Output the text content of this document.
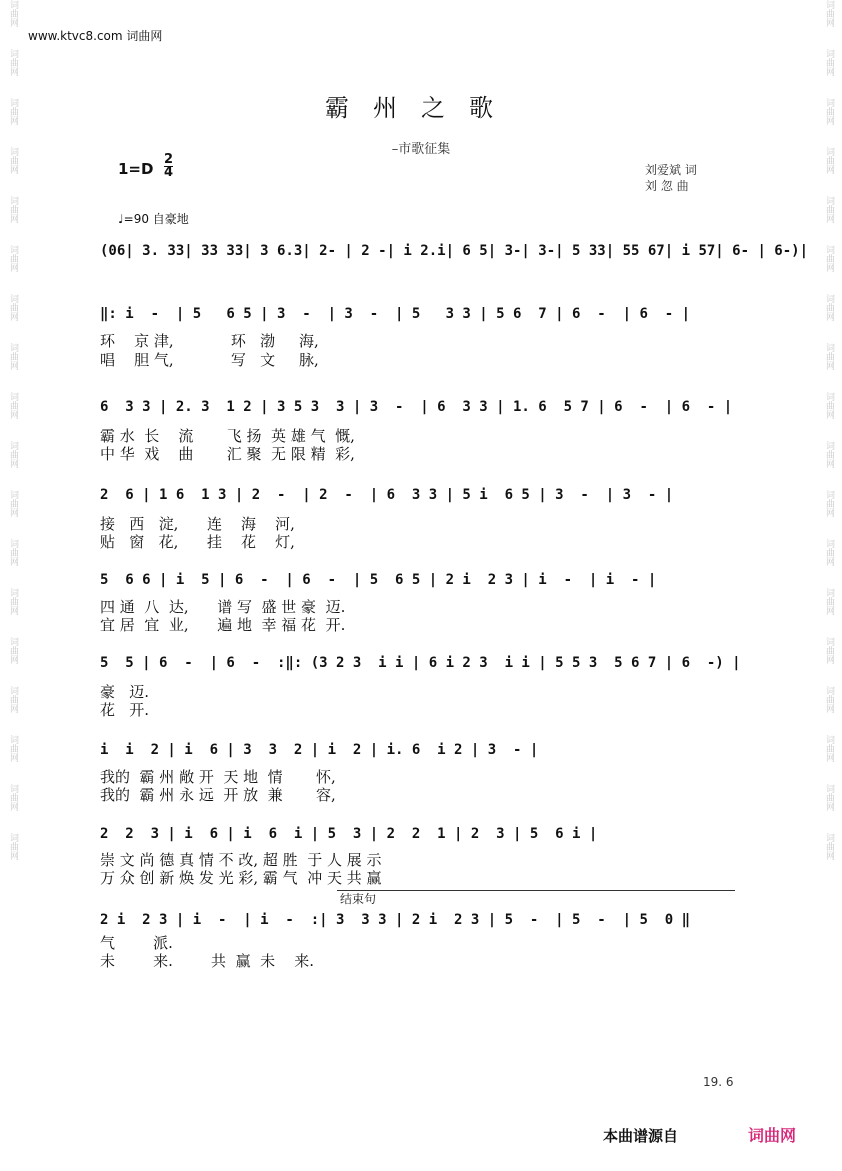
词曲网
词曲网
词曲网
词曲网
词曲网
词曲网
词曲网
词曲网
词曲网
词曲网
词曲网
词曲网
词曲网
词曲网
词曲网
词曲网
词曲网
词曲网
词曲网
词曲网
词曲网
词曲网
词曲网
词曲网
词曲网
词曲网
词曲网
词曲网
词曲网
词曲网
词曲网
词曲网
词曲网
词曲网
词曲网
词曲网
www.ktvc8.com 词曲网
霸州之歌
–市歌征集
1=D
2
4	刘爱斌 词
刘 忽 曲
♩=90 自豪地
(06| 3. 33| 33 33| 3 6.3| 2- | 2 -| i 2.i| 6 5| 3-| 3-| 5 33| 55 67| i 57| 6- | 6-)|
‖: i  -  | 5   6 5 | 3  -  | 3  -  | 5   3 3 | 5 6  7 | 6  -  | 6  - |
环    京 津,            环   渤     海,
唱    胆 气,            写   文     脉,
6  3 3 | 2. 3  1 2 | 3 5 3  3 | 3  -  | 6  3 3 | 1. 6  5 7 | 6  -  | 6  - |
霸 水  长    流       飞 扬  英 雄 气  慨,
中 华  戏    曲       汇 聚  无 限 精  彩,
2  6 | 1 6  1 3 | 2  -  | 2  -  | 6  3 3 | 5 i  6 5 | 3  -  | 3  - |
接   西   淀,      连    海    河,
贴   窗   花,      挂    花    灯,
5  6 6 | i  5 | 6  -  | 6  -  | 5  6 5 | 2 i  2 3 | i  -  | i  - |
四 通  八  达,      谱 写  盛 世 豪  迈.
宜 居  宜  业,      遍 地  幸 福 花  开.
5  5 | 6  -  | 6  -  :‖: (3 2 3  i i | 6 i 2 3  i i | 5 5 3  5 6 7 | 6  -) |
豪   迈.
花   开.
i  i  2 | i  6 | 3  3  2 | i  2 | i. 6  i 2 | 3  - |
我的  霸 州 敞 开  天 地  情       怀,
我的  霸 州 永 远  开 放  兼       容,
2  2  3 | i  6 | i  6  i | 5  3 | 2  2  1 | 2  3 | 5  6 i |
崇 文 尚 德 真 情 不 改, 超 胜  于 人 展 示
万 众 创 新 焕 发 光 彩, 霸 气  冲 天 共 赢
结束句
2 i  2 3 | i  -  | i  -  :| 3  3 3 | 2 i  2 3 | 5  -  | 5  -  | 5  0 ‖
气        派.
未        来.        共  赢  未    来.
19. 6
本曲谱源自	词曲网
